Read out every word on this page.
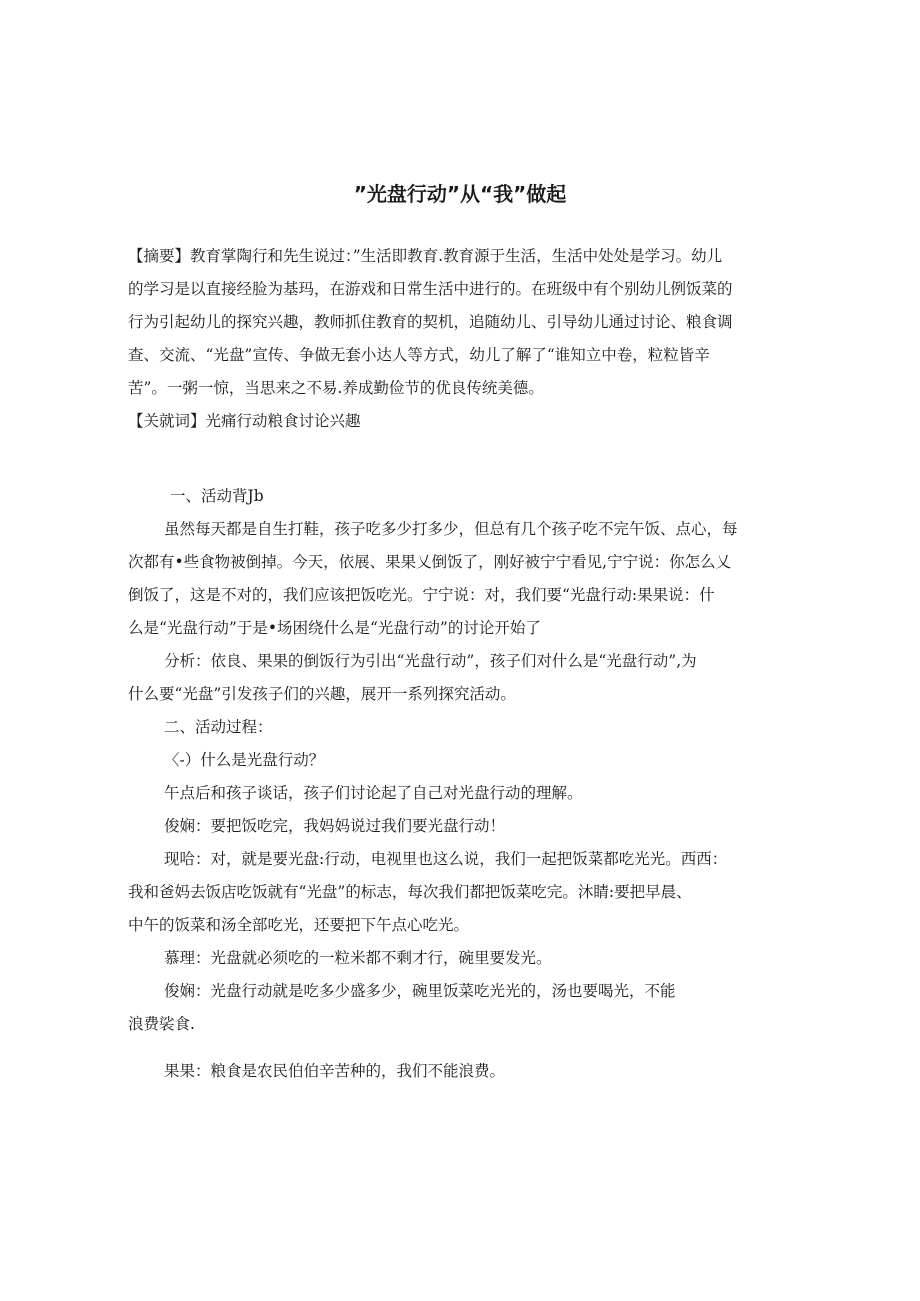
”光盘行动”从“我”做起

【摘要】教育掌陶行和先生说过：”生活即教育.教育源于生活，生活中处处是学习。幼儿

的学习是以直接经脸为基玛，在游戏和日常生活中进行的。在班级中有个别幼儿例饭菜的

行为引起幼儿的探究兴趣，教师抓住教育的契机，追随幼儿、引导幼儿通过讨论、粮食调

查、交流、“光盘”宣传、争做无套小达人等方式，幼儿了解了“谁知立中卷，粒粒皆辛

苦”。一粥一惊，当思来之不易.养成勤俭节的优良传统美德。

【关就词】光痛行动粮食讨论兴趣

一、活动背Jb

虽然每天都是自生打鞋，孩子吃多少打多少，但总有几个孩子吃不完午饭、点心，每

次都有•些食物被倒掉。今天，依展、果果乂倒饭了，刚好被宁宁看见,宁宁说：你怎么乂

倒饭了，这是不对的，我们应该把饭吃光。宁宁说：对，我们要“光盘行动:果果说：什

么是“光盘行动”于是•场困绕什么是“光盘行动”的讨论开始了

分析：依良、果果的倒饭行为引出“光盘行动”，孩子们对什么是“光盘行动”,为

什么要“光盘”引发孩子们的兴趣，展开一系列探究活动。

二、活动过程：

〈-）什么是光盘行动？

午点后和孩子谈话，孩子们讨论起了自己对光盘行动的理解。

俊娴：要把饭吃完，我妈妈说过我们要光盘行动！

现哈：对，就是要光盘:行动，电视里也这么说，我们一起把饭菜都吃光光。西西：

我和爸妈去饭店吃饭就有“光盘”的标志，每次我们都把饭菜吃完。沐睛:要把早晨、

中午的饭菜和汤全部吃光，还要把下午点心吃光。

慕理：光盘就必须吃的一粒米都不剩才行，碗里要发光。

俊娴：光盘行动就是吃多少盛多少，碗里饭菜吃光光的，汤也要喝光，不能

浪费裟食.

果果：粮食是农民伯伯辛苦种的，我们不能浪费。
